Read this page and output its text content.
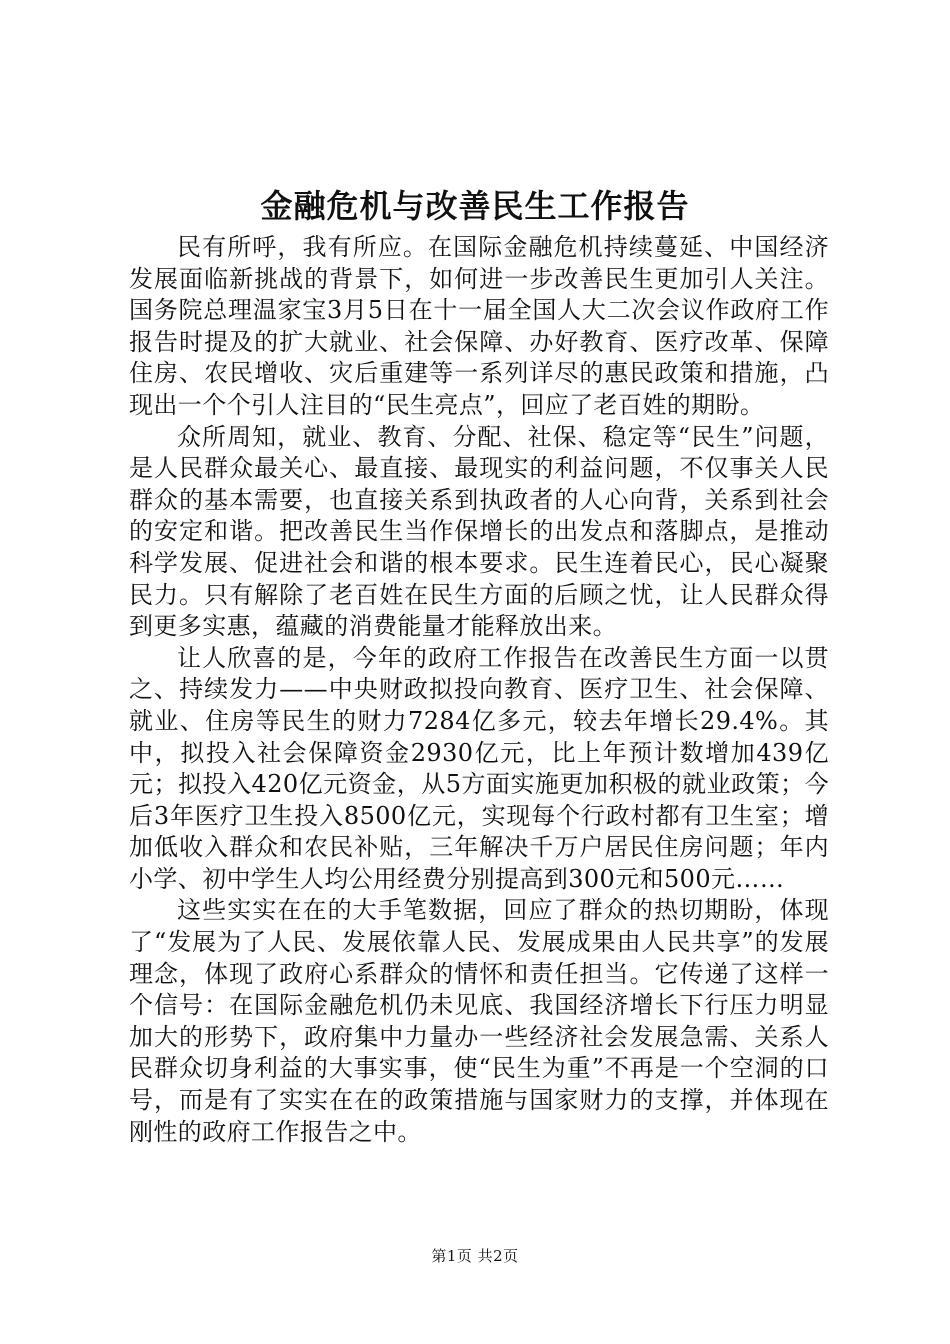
金融危机与改善民生工作报告

民有所呼，我有所应。在国际金融危机持续蔓延、中国经济发展面临新挑战的背景下，如何进一步改善民生更加引人关注。国务院总理温家宝3月5日在十一届全国人大二次会议作政府工作报告时提及的扩大就业、社会保障、办好教育、医疗改革、保障住房、农民增收、灾后重建等一系列详尽的惠民政策和措施，凸现出一个个引人注目的“民生亮点”，回应了老百姓的期盼。

众所周知，就业、教育、分配、社保、稳定等“民生”问题，是人民群众最关心、最直接、最现实的利益问题，不仅事关人民群众的基本需要，也直接关系到执政者的人心向背，关系到社会的安定和谐。把改善民生当作保增长的出发点和落脚点，是推动科学发展、促进社会和谐的根本要求。民生连着民心，民心凝聚民力。只有解除了老百姓在民生方面的后顾之忧，让人民群众得到更多实惠，蕴藏的消费能量才能释放出来。

让人欣喜的是，今年的政府工作报告在改善民生方面一以贯之、持续发力——中央财政拟投向教育、医疗卫生、社会保障、就业、住房等民生的财力7284亿多元，较去年增长29.4%。其中，拟投入社会保障资金2930亿元，比上年预计数增加439亿元；拟投入420亿元资金，从5方面实施更加积极的就业政策；今后3年医疗卫生投入8500亿元，实现每个行政村都有卫生室；增加低收入群众和农民补贴，三年解决千万户居民住房问题；年内小学、初中学生人均公用经费分别提高到300元和500元……

这些实实在在的大手笔数据，回应了群众的热切期盼，体现了“发展为了人民、发展依靠人民、发展成果由人民共享”的发展理念，体现了政府心系群众的情怀和责任担当。它传递了这样一个信号：在国际金融危机仍未见底、我国经济增长下行压力明显加大的形势下，政府集中力量办一些经济社会发展急需、关系人民群众切身利益的大事实事，使“民生为重”不再是一个空洞的口号，而是有了实实在在的政策措施与国家财力的支撑，并体现在刚性的政府工作报告之中。

第1页 共2页
